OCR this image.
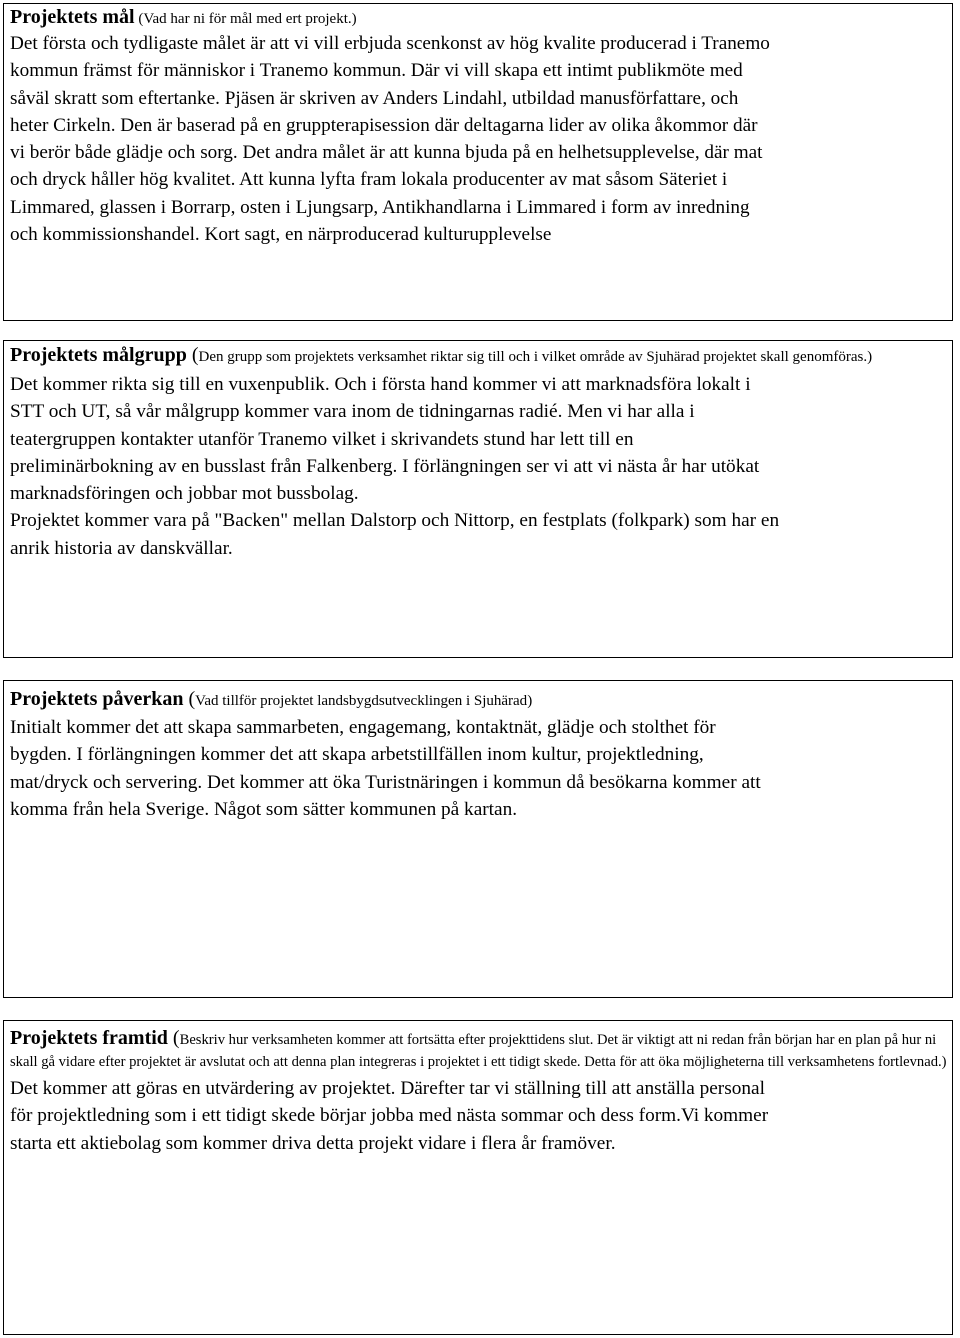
Projektets mål (Vad har ni för mål med ert projekt.)

Det första och tydligaste målet är att vi vill erbjuda scenkonst av hög kvalite producerad i Tranemo
kommun främst för människor i Tranemo kommun. Där vi vill skapa ett intimt publikmöte med
såväl skratt som eftertanke. Pjäsen är skriven av Anders Lindahl, utbildad manusförfattare, och
heter Cirkeln. Den är baserad på en gruppterapisession där deltagarna lider av olika åkommor där
vi berör både glädje och sorg. Det andra målet är att kunna bjuda på en helhetsupplevelse, där mat
och dryck håller hög kvalitet. Att kunna lyfta fram lokala producenter av mat såsom Säteriet i
Limmared, glassen i Borrarp, osten i Ljungsarp, Antikhandlarna i Limmared i form av inredning
och kommissionshandel. Kort sagt, en närproducerad kulturupplevelse

Projektets målgrupp (Den grupp som projektets verksamhet riktar sig till och i vilket område av Sjuhärad projektet skall genomföras.)

Det kommer rikta sig till en vuxenpublik. Och i första hand kommer vi att marknadsföra lokalt i
STT och UT, så vår målgrupp kommer vara inom de tidningarnas radié. Men vi har alla i
teatergruppen kontakter utanför Tranemo vilket i skrivandets stund har lett till en
preliminärbokning av en busslast från Falkenberg. I förlängningen ser vi att vi nästa år har utökat
marknadsföringen och jobbar mot bussbolag.
Projektet kommer vara på "Backen" mellan Dalstorp och Nittorp, en festplats (folkpark) som har en
anrik historia av danskvällar.

Projektets påverkan (Vad tillför projektet landsbygdsutvecklingen i Sjuhärad)

Initialt kommer det att skapa sammarbeten, engagemang, kontaktnät, glädje och stolthet för
bygden. I förlängningen kommer det att skapa arbetstillfällen inom kultur, projektledning,
mat/dryck och servering. Det kommer att öka Turistnäringen i kommun då besökarna kommer att
komma från hela Sverige. Något som sätter kommunen på kartan.

Projektets framtid (Beskriv hur verksamheten kommer att fortsätta efter projekttidens slut. Det är viktigt att ni redan från början har en plan på hur ni skall gå vidare efter projektet är avslutat och att denna plan integreras i projektet i ett tidigt skede. Detta för att öka möjligheterna till verksamhetens fortlevnad.)

Det kommer att göras en utvärdering av projektet. Därefter tar vi ställning till att anställa personal
för projektledning som i ett tidigt skede börjar jobba med nästa sommar och dess form.Vi kommer
starta ett aktiebolag som kommer driva detta projekt vidare i flera år framöver.
